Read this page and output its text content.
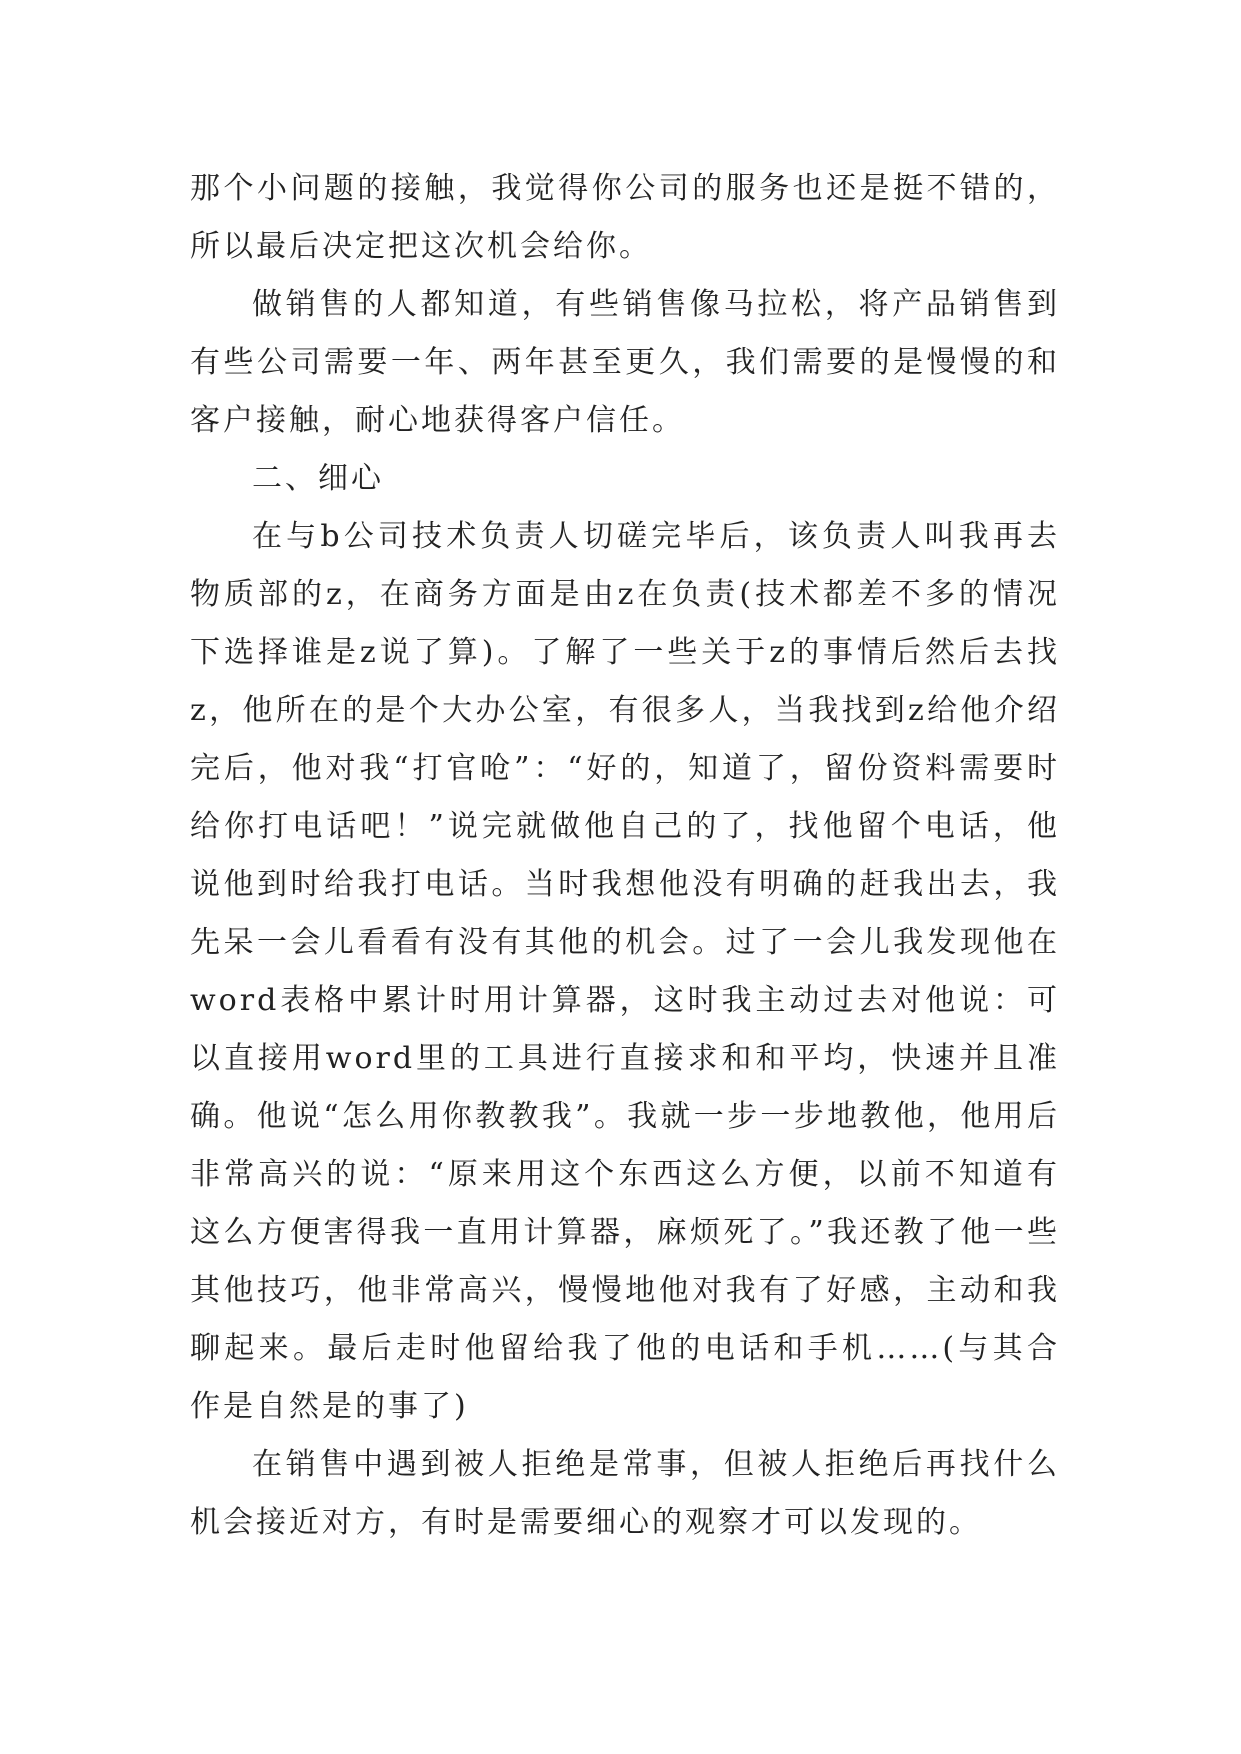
那个小问题的接触，我觉得你公司的服务也还是挺不错的，所以最后决定把这次机会给你。

做销售的人都知道，有些销售像马拉松，将产品销售到有些公司需要一年、两年甚至更久，我们需要的是慢慢的和客户接触，耐心地获得客户信任。

二、细心

在与b公司技术负责人切磋完毕后，该负责人叫我再去物质部的z，在商务方面是由z在负责(技术都差不多的情况下选择谁是z说了算)。了解了一些关于z的事情后然后去找z，他所在的是个大办公室，有很多人，当我找到z给他介绍完后，他对我“打官呛”：“好的，知道了，留份资料需要时给你打电话吧！”说完就做他自己的了，找他留个电话，他说他到时给我打电话。当时我想他没有明确的赶我出去，我先呆一会儿看看有没有其他的机会。过了一会儿我发现他在word表格中累计时用计算器，这时我主动过去对他说：可以直接用word里的工具进行直接求和和平均，快速并且准确。他说“怎么用你教教我”。我就一步一步地教他，他用后非常高兴的说：“原来用这个东西这么方便，以前不知道有这么方便害得我一直用计算器，麻烦死了。”我还教了他一些其他技巧，他非常高兴，慢慢地他对我有了好感，主动和我聊起来。最后走时他留给我了他的电话和手机……(与其合作是自然是的事了)

在销售中遇到被人拒绝是常事，但被人拒绝后再找什么机会接近对方，有时是需要细心的观察才可以发现的。
